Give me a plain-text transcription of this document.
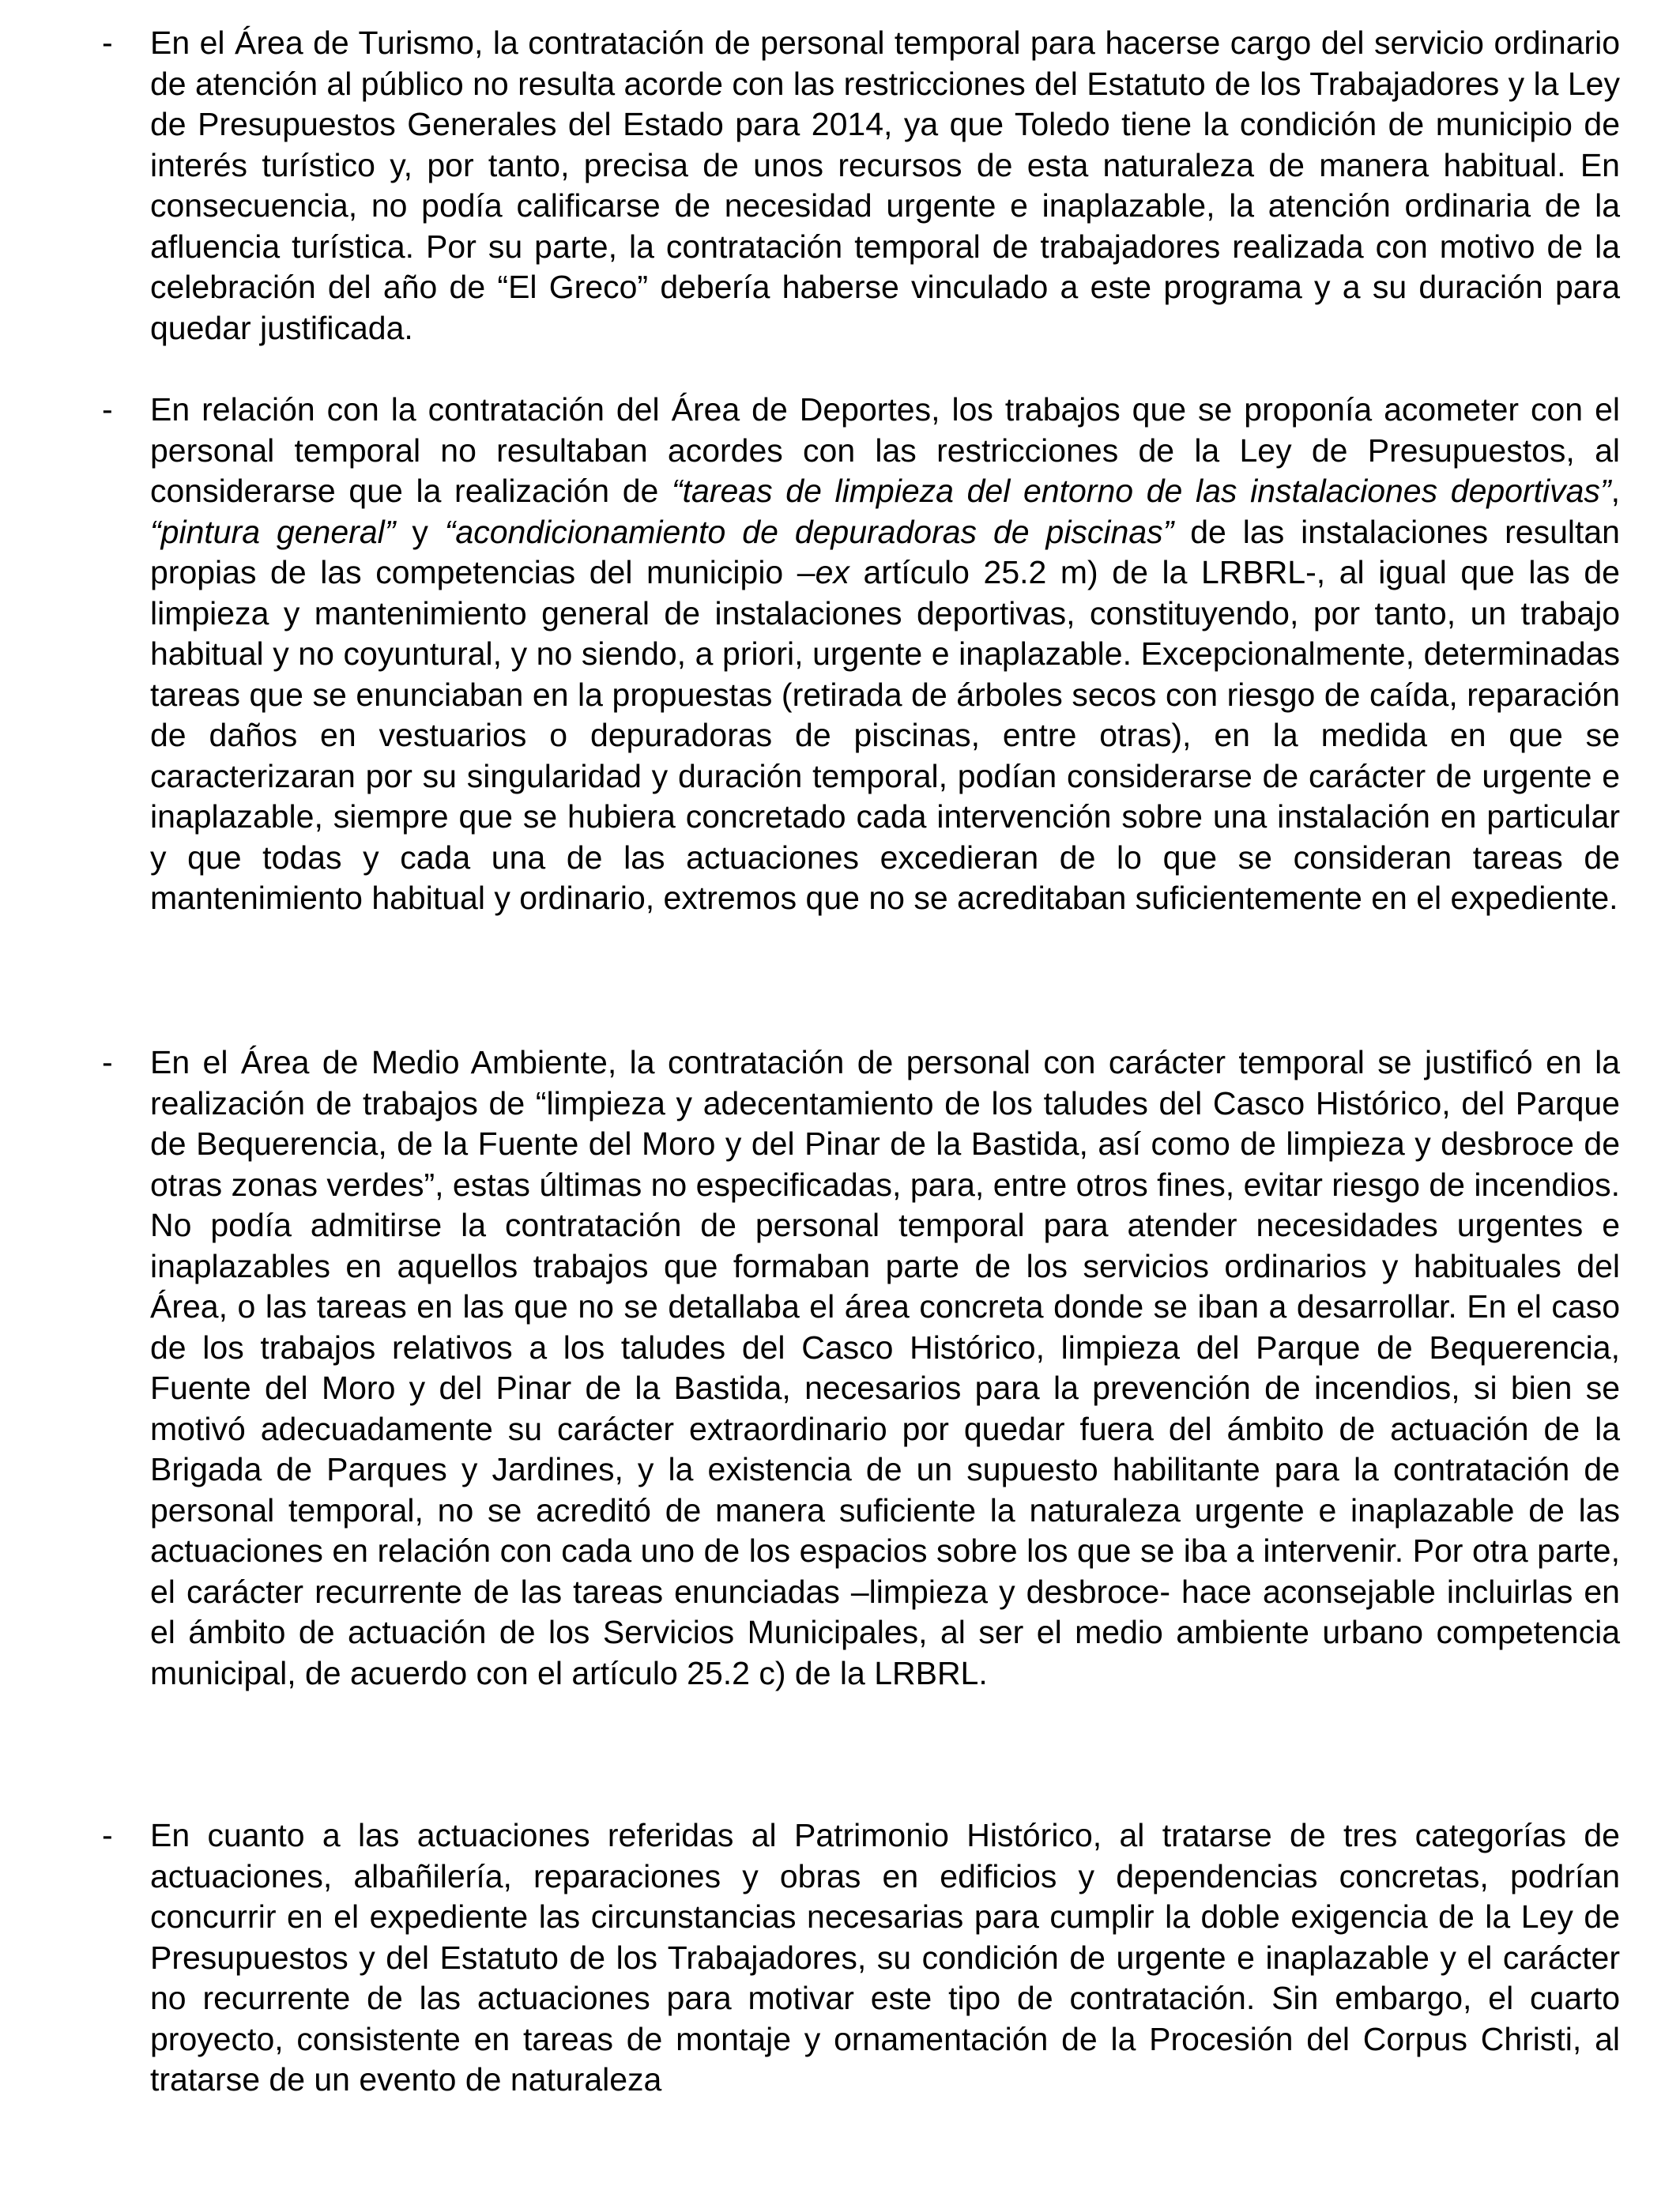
- En el Área de Turismo, la contratación de personal temporal para hacerse cargo del servicio ordinario de atención al público no resulta acorde con las restricciones del Estatuto de los Trabajadores y la Ley de Presupuestos Generales del Estado para 2014, ya que Toledo tiene la condición de municipio de interés turístico y, por tanto, precisa de unos recursos de esta naturaleza de manera habitual. En consecuencia, no podía calificarse de necesidad urgente e inaplazable, la atención ordinaria de la afluencia turística. Por su parte, la contratación temporal de trabajadores realizada con motivo de la celebración del año de “El Greco” debería haberse vinculado a este programa y a su duración para quedar justificada.

- En relación con la contratación del Área de Deportes, los trabajos que se proponía acometer con el personal temporal no resultaban acordes con las restricciones de la Ley de Presupuestos, al considerarse que la realización de “tareas de limpieza del entorno de las instalaciones deportivas”, “pintura general” y “acondicionamiento de depuradoras de piscinas” de las instalaciones resultan propias de las competencias del municipio –ex artículo 25.2 m) de la LRBRL-, al igual que las de limpieza y mantenimiento general de instalaciones deportivas, constituyendo, por tanto, un trabajo habitual y no coyuntural, y no siendo, a priori, urgente e inaplazable. Excepcionalmente, determinadas tareas que se enunciaban en la propuestas (retirada de árboles secos con riesgo de caída, reparación de daños en vestuarios o depuradoras de piscinas, entre otras), en la medida en que se caracterizaran por su singularidad y duración temporal, podían considerarse de carácter de urgente e inaplazable, siempre que se hubiera concretado cada intervención sobre una instalación en particular y que todas y cada una de las actuaciones excedieran de lo que se consideran tareas de mantenimiento habitual y ordinario, extremos que no se acreditaban suficientemente en el expediente.

- En el Área de Medio Ambiente, la contratación de personal con carácter temporal se justificó en la realización de trabajos de “limpieza y adecentamiento de los taludes del Casco Histórico, del Parque de Bequerencia, de la Fuente del Moro y del Pinar de la Bastida, así como de limpieza y desbroce de otras zonas verdes”, estas últimas no especificadas, para, entre otros fines, evitar riesgo de incendios. No podía admitirse la contratación de personal temporal para atender necesidades urgentes e inaplazables en aquellos trabajos que formaban parte de los servicios ordinarios y habituales del Área, o las tareas en las que no se detallaba el área concreta donde se iban a desarrollar. En el caso de los trabajos relativos a los taludes del Casco Histórico, limpieza del Parque de Bequerencia, Fuente del Moro y del Pinar de la Bastida, necesarios para la prevención de incendios, si bien se motivó adecuadamente su carácter extraordinario por quedar fuera del ámbito de actuación de la Brigada de Parques y Jardines, y la existencia de un supuesto habilitante para la contratación de personal temporal, no se acreditó de manera suficiente la naturaleza urgente e inaplazable de las actuaciones en relación con cada uno de los espacios sobre los que se iba a intervenir. Por otra parte, el carácter recurrente de las tareas enunciadas –limpieza y desbroce- hace aconsejable incluirlas en el ámbito de actuación de los Servicios Municipales, al ser el medio ambiente urbano competencia municipal, de acuerdo con el artículo 25.2 c) de la LRBRL.

- En cuanto a las actuaciones referidas al Patrimonio Histórico, al tratarse de tres categorías de actuaciones, albañilería, reparaciones y obras en edificios y dependencias concretas, podrían concurrir en el expediente las circunstancias necesarias para cumplir la doble exigencia de la Ley de Presupuestos y del Estatuto de los Trabajadores, su condición de urgente e inaplazable y el carácter no recurrente de las actuaciones para motivar este tipo de contratación. Sin embargo, el cuarto proyecto, consistente en tareas de montaje y ornamentación de la Procesión del Corpus Christi, al tratarse de un evento de naturaleza
